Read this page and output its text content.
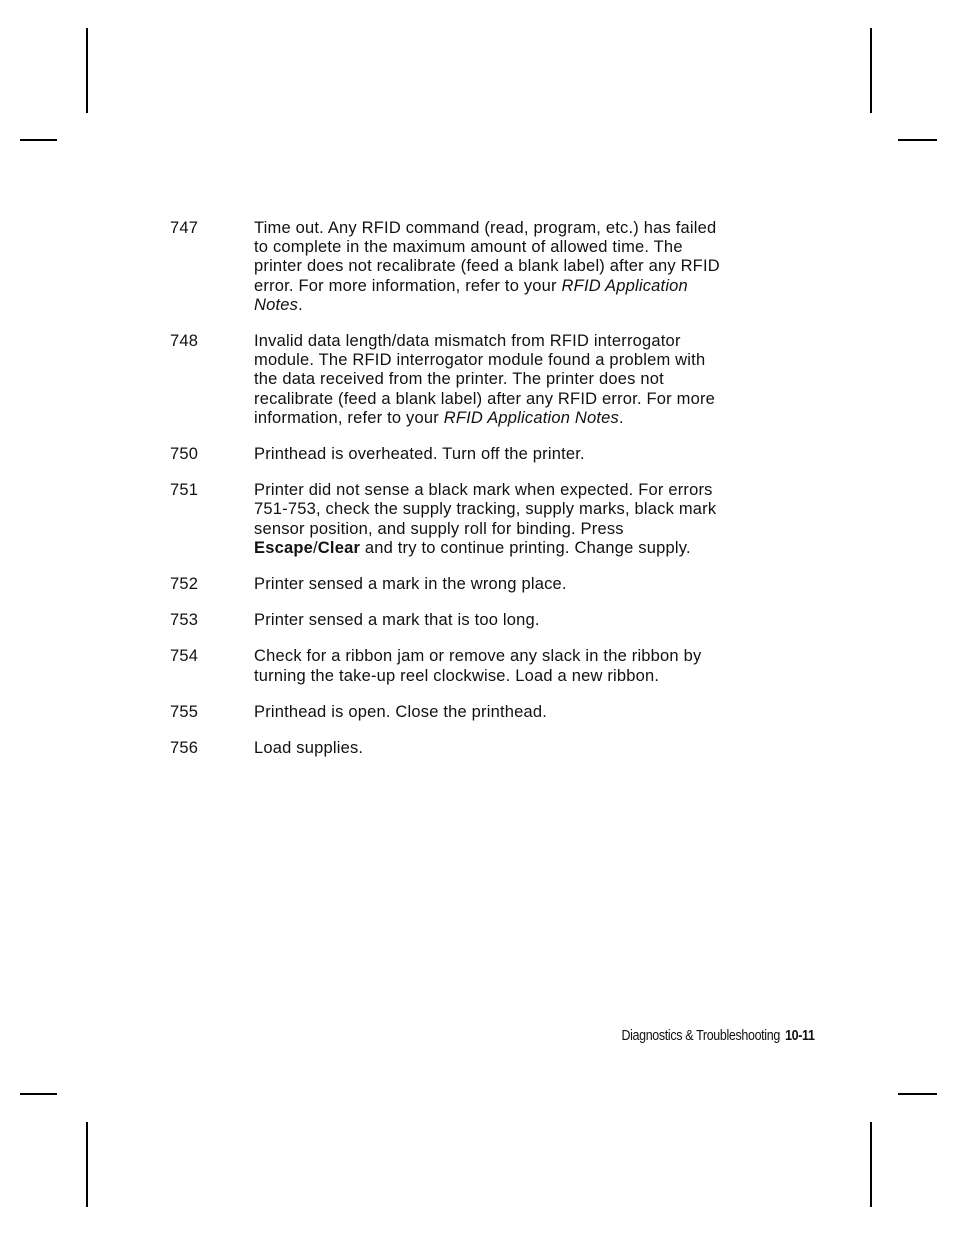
747	Time out. Any RFID command (read, program, etc.) has failed to complete in the maximum amount of allowed time. The printer does not recalibrate (feed a blank label) after any RFID error. For more information, refer to your RFID Application Notes.
748	Invalid data length/data mismatch from RFID interrogator module. The RFID interrogator module found a problem with the data received from the printer. The printer does not recalibrate (feed a blank label) after any RFID error. For more information, refer to your RFID Application Notes.
750	Printhead is overheated. Turn off the printer.
751	Printer did not sense a black mark when expected. For errors 751-753, check the supply tracking, supply marks, black mark sensor position, and supply roll for binding. Press Escape/Clear and try to continue printing. Change supply.
752	Printer sensed a mark in the wrong place.
753	Printer sensed a mark that is too long.
754	Check for a ribbon jam or remove any slack in the ribbon by turning the take-up reel clockwise. Load a new ribbon.
755	Printhead is open. Close the printhead.
756	Load supplies.
Diagnostics & Troubleshooting 10-11
